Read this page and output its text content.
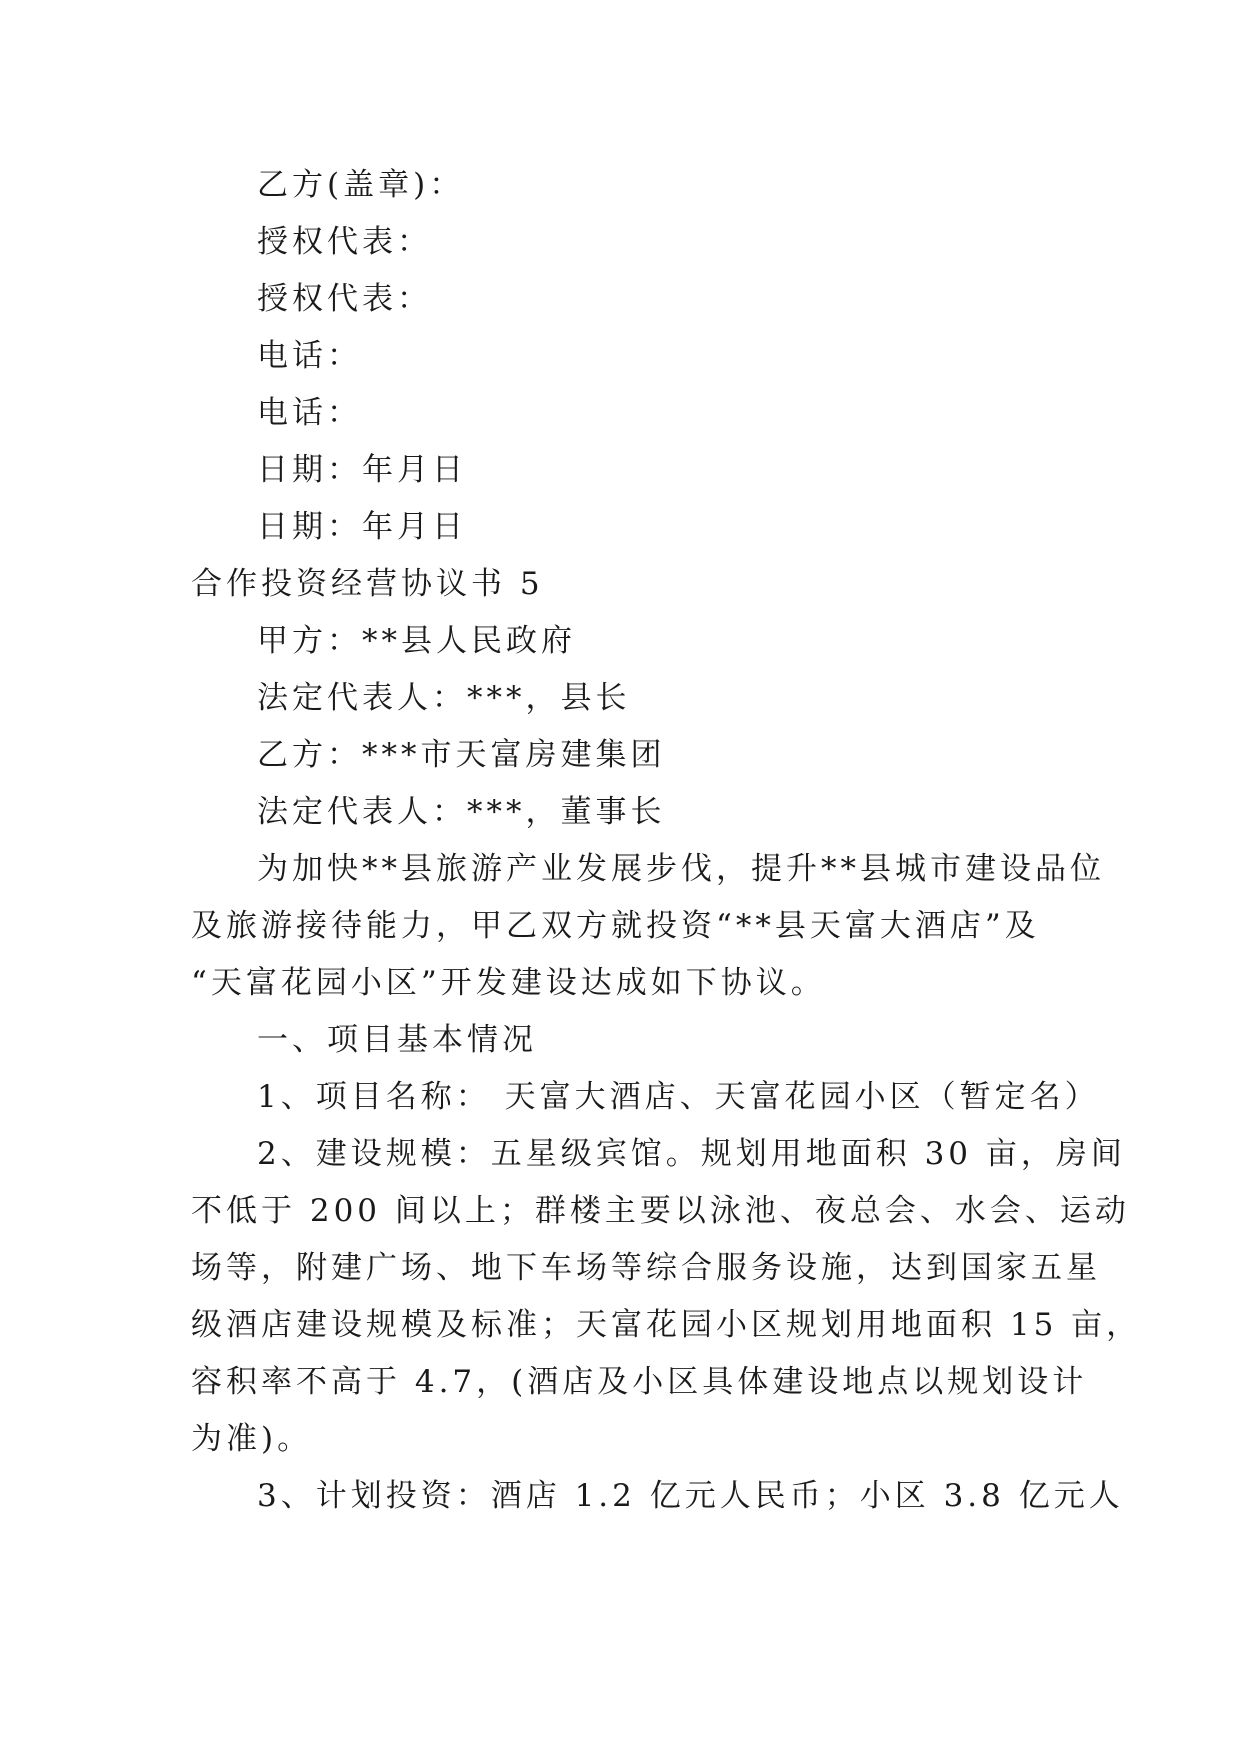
乙方(盖章)：
授权代表：
授权代表：
电话：
电话：
日期：年月日
日期：年月日
合作投资经营协议书 5
甲方：**县人民政府
法定代表人：***，县长
乙方：***市天富房建集团
法定代表人：***，董事长
为加快**县旅游产业发展步伐，提升**县城市建设品位
及旅游接待能力，甲乙双方就投资“**县天富大酒店”及
“天富花园小区”开发建设达成如下协议。
一、项目基本情况
1、项目名称： 天富大酒店、天富花园小区（暂定名）
2、建设规模：五星级宾馆。规划用地面积 30 亩，房间
不低于 200 间以上；群楼主要以泳池、夜总会、水会、运动
场等，附建广场、地下车场等综合服务设施，达到国家五星
级酒店建设规模及标准；天富花园小区规划用地面积 15 亩，
容积率不高于 4.7，(酒店及小区具体建设地点以规划设计
为准)。
3、计划投资：酒店 1.2 亿元人民币；小区 3.8 亿元人
